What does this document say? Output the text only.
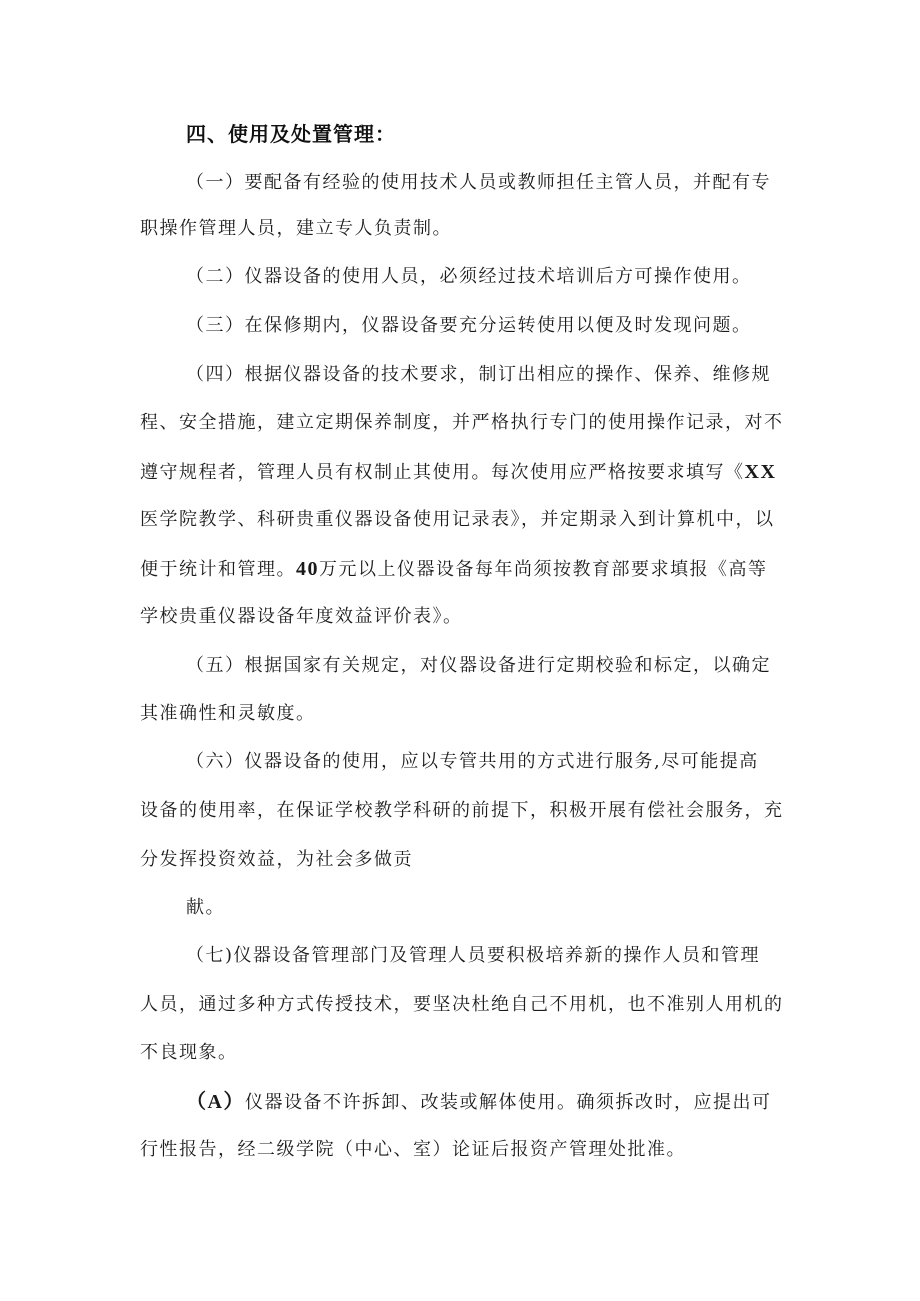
四、使用及处置管理：
（一）要配备有经验的使用技术人员或教师担任主管人员，并配有专
职操作管理人员，建立专人负责制。
（二）仪器设备的使用人员，必须经过技术培训后方可操作使用。
（三）在保修期内，仪器设备要充分运转使用以便及时发现问题。
（四）根据仪器设备的技术要求，制订出相应的操作、保养、维修规
程、安全措施，建立定期保养制度，并严格执行专门的使用操作记录，对不
遵守规程者，管理人员有权制止其使用。每次使用应严格按要求填写《XX
医学院教学、科研贵重仪器设备使用记录表》，并定期录入到计算机中，以
便于统计和管理。40万元以上仪器设备每年尚须按教育部要求填报《高等
学校贵重仪器设备年度效益评价表》。
（五）根据国家有关规定，对仪器设备进行定期校验和标定，以确定
其准确性和灵敏度。
（六）仪器设备的使用，应以专管共用的方式进行服务,尽可能提高
设备的使用率，在保证学校教学科研的前提下，积极开展有偿社会服务，充
分发挥投资效益，为社会多做贡
献。
（七)仪器设备管理部门及管理人员要积极培养新的操作人员和管理
人员，通过多种方式传授技术，要坚决杜绝自己不用机，也不准别人用机的
不良现象。
（A）仪器设备不许拆卸、改装或解体使用。确须拆改时，应提出可
行性报告，经二级学院（中心、室）论证后报资产管理处批准。
